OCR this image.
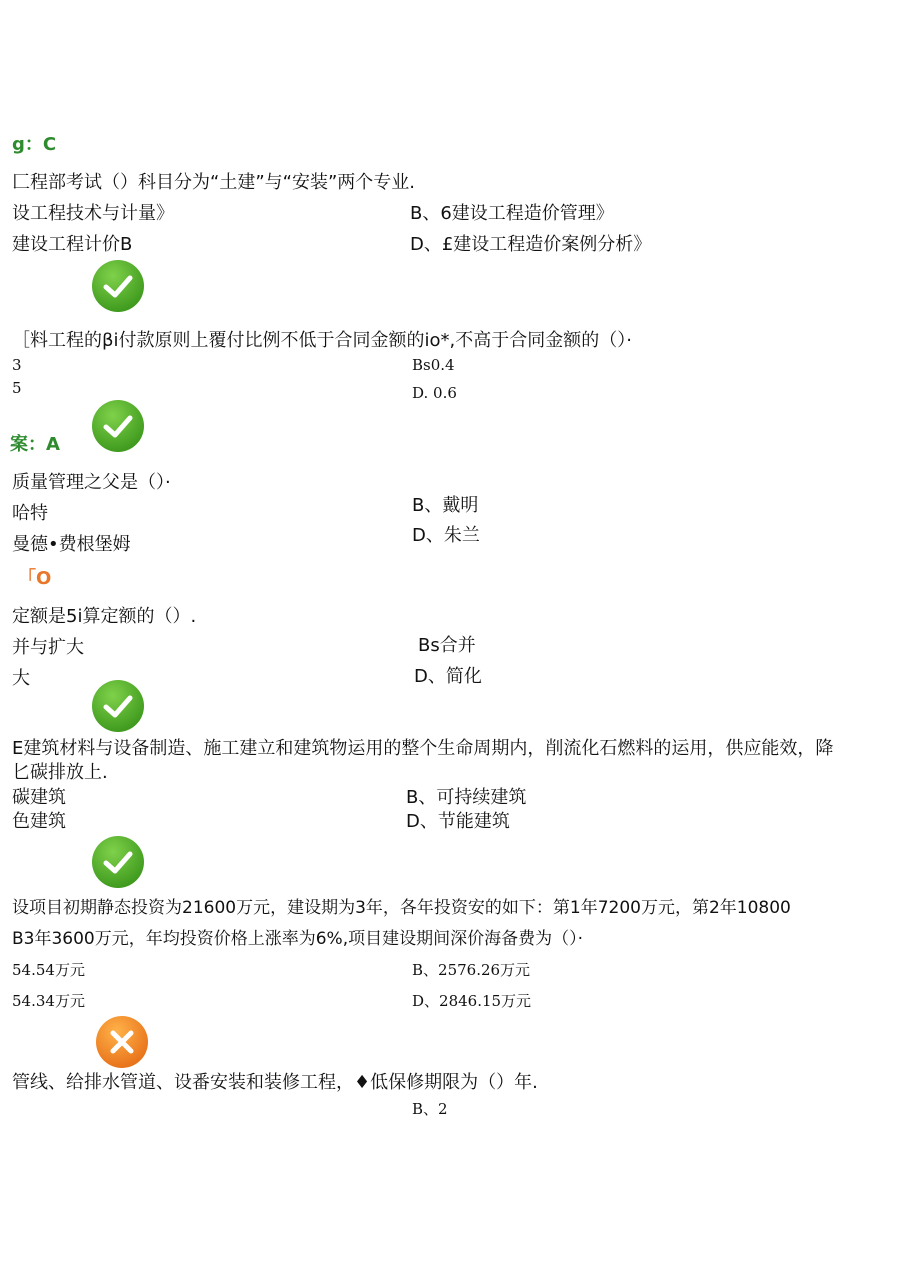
g：C
匚程部考试（）科目分为“土建”与“安装”两个专业.
设工程技术与计量》	B、6建设工程造价管理》
建设工程计价B	D、£建设工程造价案例分析》
［料工程的βi付款原则上覆付比例不低于合同金额的io*,不高于合同金额的（）·
3	Bs0.4
5	D. 0.6
案：A
质量管理之父是（）·
哈特	B、戴明
曼德•费根堡姆	D、朱兰
「O
定额是5i算定额的（）.
并与扩大	Bs合并
大	D、简化
E建筑材料与设备制造、施工建立和建筑物运用的整个生命周期内，削流化石燃料的运用，供应能效，降
匕碳排放上.
碳建筑	B、可持续建筑
色建筑	D、节能建筑
设项目初期静态投资为21600万元，建设期为3年，各年投资安的如下：第1年7200万元，第2年10800
B3年3600万元，年均投资价格上涨率为6%,项目建设期间深价海备费为（）·
54.54万元	B、2576.26万元
54.34万元	D、2846.15万元
管线、给排水管道、设番安装和装修工程，♦低保修期限为（）年.
B、2
